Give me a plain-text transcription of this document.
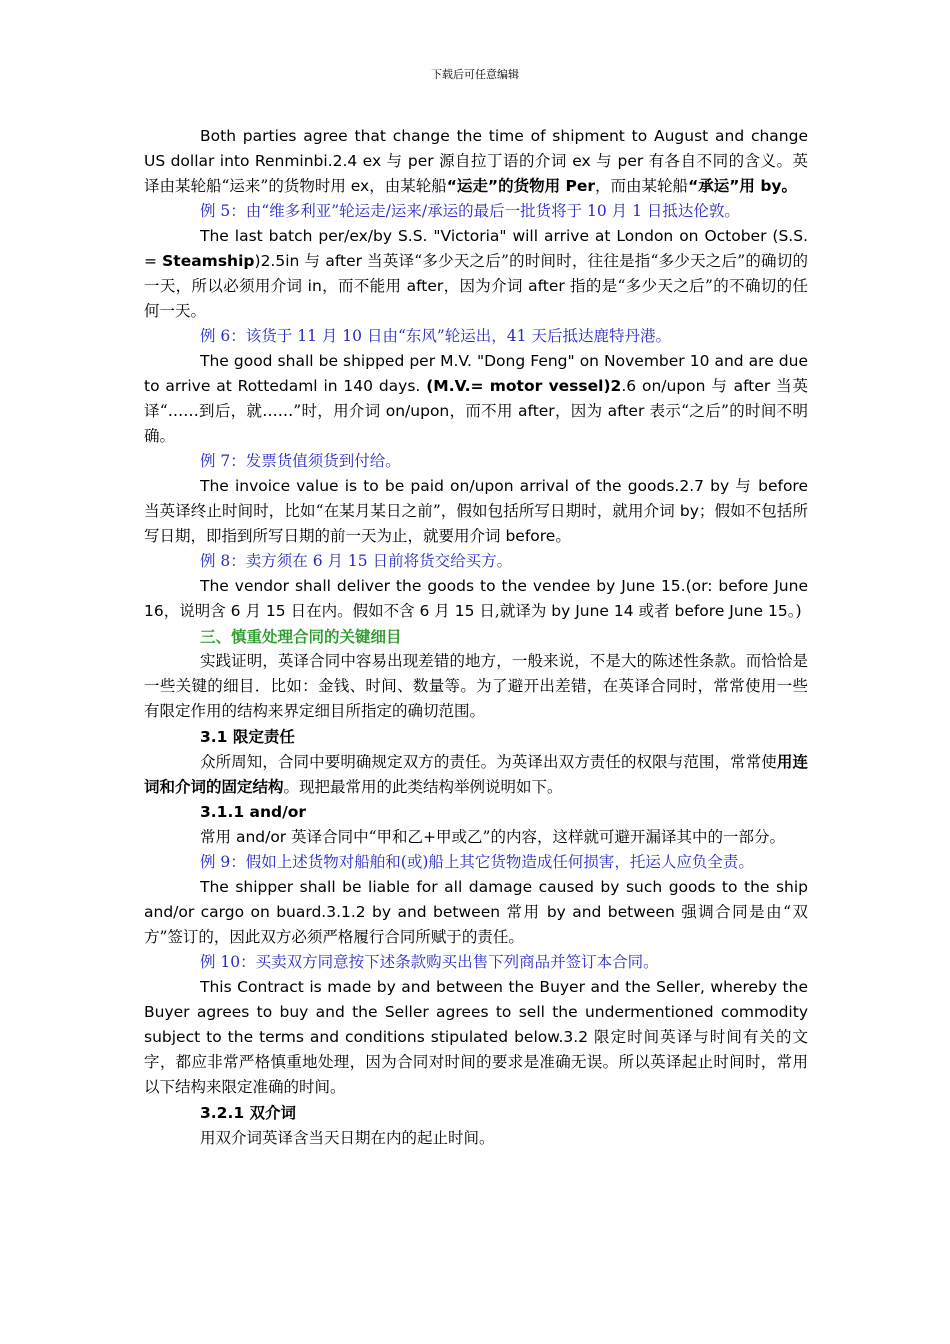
下载后可任意编辑

Both parties agree that change the time of shipment to August and change US dollar into Renminbi.2.4 ex 与 per 源自拉丁语的介词 ex 与 per 有各自不同的含义。英译由某轮船“运来”的货物时用 ex，由某轮船“运走”的货物用 Per，而由某轮船“承运”用 by。

例 5：由“维多利亚”轮运走/运来/承运的最后一批货将于 10 月 1 日抵达伦敦。

The last batch per/ex/by S.S. "Victoria" will arrive at London on October (S.S. = Steamship)2.5in 与 after 当英译“多少天之后”的时间时，往往是指“多少天之后”的确切的一天，所以必须用介词 in，而不能用 after，因为介词 after 指的是“多少天之后”的不确切的任何一天。

例 6：该货于 11 月 10 日由“东风”轮运出，41 天后抵达鹿特丹港。

The good shall be shipped per M.V. "Dong Feng" on November 10 and are due to arrive at Rottedaml in 140 days. (M.V.= motor vessel)2.6 on/upon 与 after 当英译“……到后，就……”时，用介词 on/upon，而不用 after，因为 after 表示“之后”的时间不明确。

例 7：发票货值须货到付给。

The invoice value is to be paid on/upon arrival of the goods.2.7 by 与 before 当英译终止时间时，比如“在某月某日之前”，假如包括所写日期时，就用介词 by；假如不包括所写日期，即指到所写日期的前一天为止，就要用介词 before。

例 8：卖方须在 6 月 15 日前将货交给买方。

The vendor shall deliver the goods to the vendee by June 15.(or: before June 16，说明含 6 月 15 日在内。假如不含 6 月 15 日,就译为 by June 14 或者 before June 15。)

三、慎重处理合同的关键细目

实践证明，英译合同中容易出现差错的地方，一般来说，不是大的陈述性条款。而恰恰是一些关键的细目．比如：金钱、时间、数量等。为了避开出差错，在英译合同时，常常使用一些有限定作用的结构来界定细目所指定的确切范围。

3.1 限定责任

众所周知，合同中要明确规定双方的责任。为英译出双方责任的权限与范围，常常使用连词和介词的固定结构。现把最常用的此类结构举例说明如下。

3.1.1 and/or

常用 and/or 英译合同中“甲和乙+甲或乙”的内容，这样就可避开漏译其中的一部分。

例 9：假如上述货物对船舶和(或)船上其它货物造成任何损害，托运人应负全责。

The shipper shall be liable for all damage caused by such goods to the ship and/or cargo on buard.3.1.2 by and between 常用 by and between 强调合同是由“双方”签订的，因此双方必须严格履行合同所赋于的责任。

例 10：买卖双方同意按下述条款购买出售下列商品并签订本合同。

This Contract is made by and between the Buyer and the Seller, whereby the Buyer agrees to buy and the Seller agrees to sell the undermentioned commodity subject to the terms and conditions stipulated below.3.2 限定时间英译与时间有关的文字，都应非常严格慎重地处理，因为合同对时间的要求是准确无误。所以英译起止时间时，常用以下结构来限定准确的时间。

3.2.1 双介词

用双介词英译含当天日期在内的起止时间。
